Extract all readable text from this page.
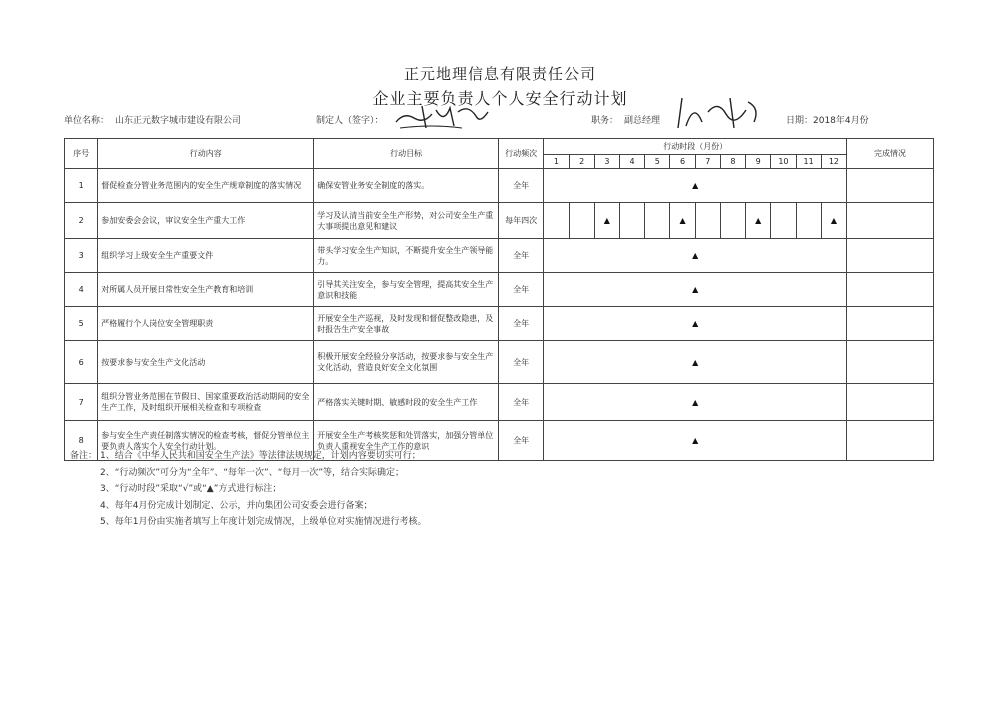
正元地理信息有限责任公司
企业主要负责人个人安全行动计划
单位名称： 山东正元数字城市建设有限公司	制定人（签字）：	职务： 副总经理	日期：2018年4月份
序号	行动内容	行动目标	行动频次	行动时段（月份）												完成情况
				1	2	3	4	5	6	7	8	9	10	11	12	
1	督促检查分管业务范围内的安全生产规章制度的落实情况	确保安管业务安全制度的落实。	全年	▲												
2	参加安委会会议，审议安全生产重大工作	学习及认清当前安全生产形势，对公司安全生产重大事项提出意见和建议	每年四次			▲			▲			▲			▲	
3	组织学习上级安全生产重要文件	带头学习安全生产知识，不断提升安全生产领导能力。	全年	▲												
4	对所属人员开展日常性安全生产教育和培训	引导其关注安全，参与安全管理，提高其安全生产意识和技能	全年	▲												
5	严格履行个人岗位安全管理职责	开展安全生产巡视，及时发现和督促整改隐患，及时报告生产安全事故	全年	▲												
6	按要求参与安全生产文化活动	积极开展安全经验分享活动，按要求参与安全生产文化活动，营造良好安全文化氛围	全年	▲												
7	组织分管业务范围在节假日、国家重要政治活动期间的安全生产工作，及时组织开展相关检查和专项检查	严格落实关键时期、敏感时段的安全生产工作	全年	▲												
8	参与安全生产责任制落实情况的检查考核，督促分管单位主要负责人落实个人安全行动计划。	开展安全生产考核奖惩和处罚落实，加强分管单位负责人重视安全生产工作的意识	全年	▲												
备注： 1、结合《中华人民共和国安全生产法》等法律法规规定，计划内容要切实可行；
2、“行动频次”可分为“全年”、“每年一次”、“每月一次”等，结合实际确定；
3、“行动时段”采取“√”或“▲”方式进行标注；
4、每年4月份完成计划制定、公示，并向集团公司安委会进行备案；
5、每年1月份由实施者填写上年度计划完成情况，上级单位对实施情况进行考核。
